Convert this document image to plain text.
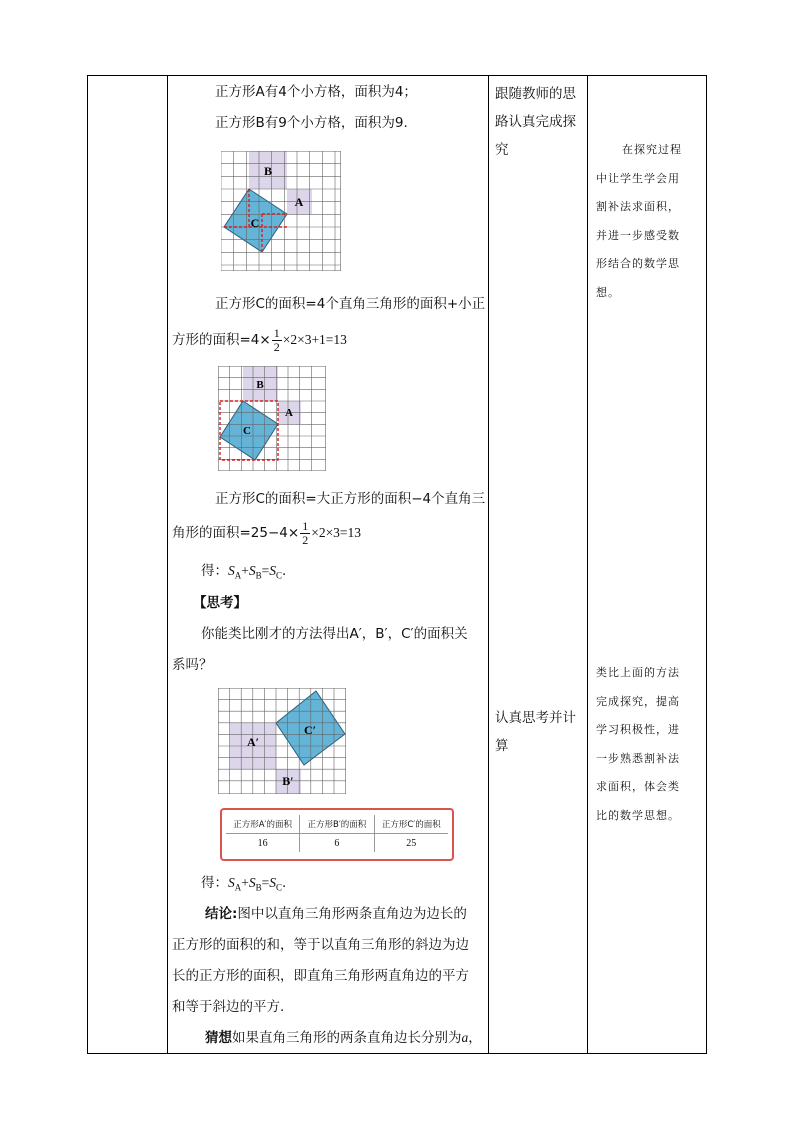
正方形A有4个小方格，面积为4；
正方形B有9个小方格，面积为9.
B
A
C
正方形C的面积=4个直角三角形的面积+小正
方形的面积$=4\times \frac{1}{2} \times 2\times 3+1=13$
B
A
C
正方形C的面积=大正方形的面积−4个直角三
角形的面积$=25-4\times \frac{1}{2} \times 2\times 3=13$
得：$S_A+S_B=S_C$.
【思考】
你能类比刚才的方法得出A′，B′，C′的面积关
系吗？
A′
C′
B′
正方形A′的面积	正方形B′的面积	正方形C′的面积
16	6	25
得：$S_A+S_B=S_C$.
结论:图中以直角三角形两条直角边为边长的
正方形的面积的和，等于以直角三角形的斜边为边
长的正方形的面积，即直角三角形两直角边的平方
和等于斜边的平方.
猜想如果直角三角形的两条直角边长分别为a，
跟随教师的思
路认真完成探
究
认真思考并计
算
在探究过程
中让学生学会用
割补法求面积，
并进一步感受数
形结合的数学思
想。
类比上面的方法
完成探究，提高
学习积极性，进
一步熟悉割补法
求面积，体会类
比的数学思想。
